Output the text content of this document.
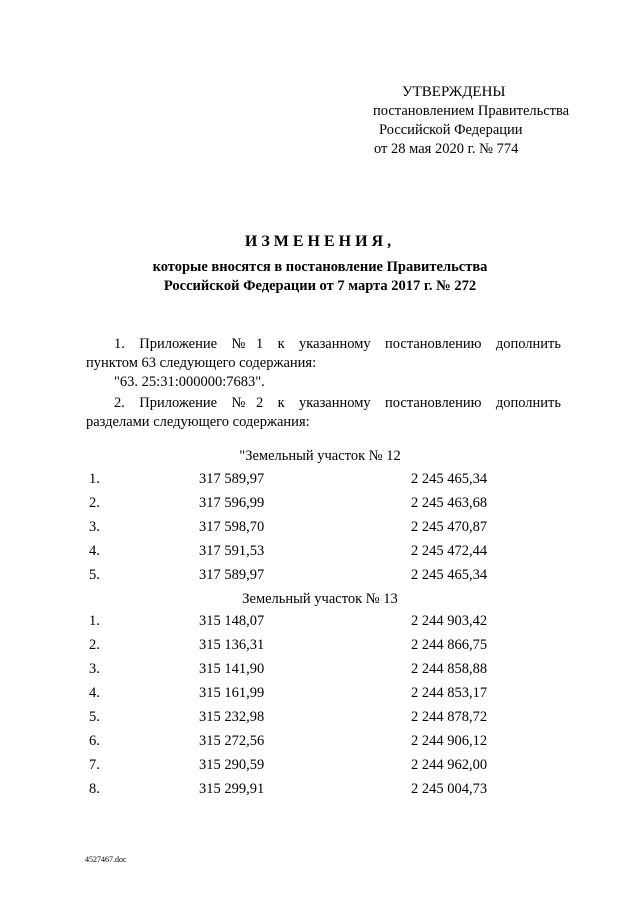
УТВЕРЖДЕНЫ
постановлением Правительства
Российской Федерации
от 28 мая 2020 г. № 774
ИЗМЕНЕНИЯ,
которые вносятся в постановление Правительства
Российской Федерации от 7 марта 2017 г. № 272
1. Приложение №1 к указанному постановлению дополнить
пунктом 63 следующего содержания:
"63. 25:31:000000:7683".
2. Приложение №2 к указанному постановлению дополнить
разделами следующего содержания:
"Земельный участок № 12
1.	317 589,97	2 245 465,34
2.	317 596,99	2 245 463,68
3.	317 598,70	2 245 470,87
4.	317 591,53	2 245 472,44
5.	317 589,97	2 245 465,34
Земельный участок № 13
1.	315 148,07	2 244 903,42
2.	315 136,31	2 244 866,75
3.	315 141,90	2 244 858,88
4.	315 161,99	2 244 853,17
5.	315 232,98	2 244 878,72
6.	315 272,56	2 244 906,12
7.	315 290,59	2 244 962,00
8.	315 299,91	2 245 004,73
4527467.doc
